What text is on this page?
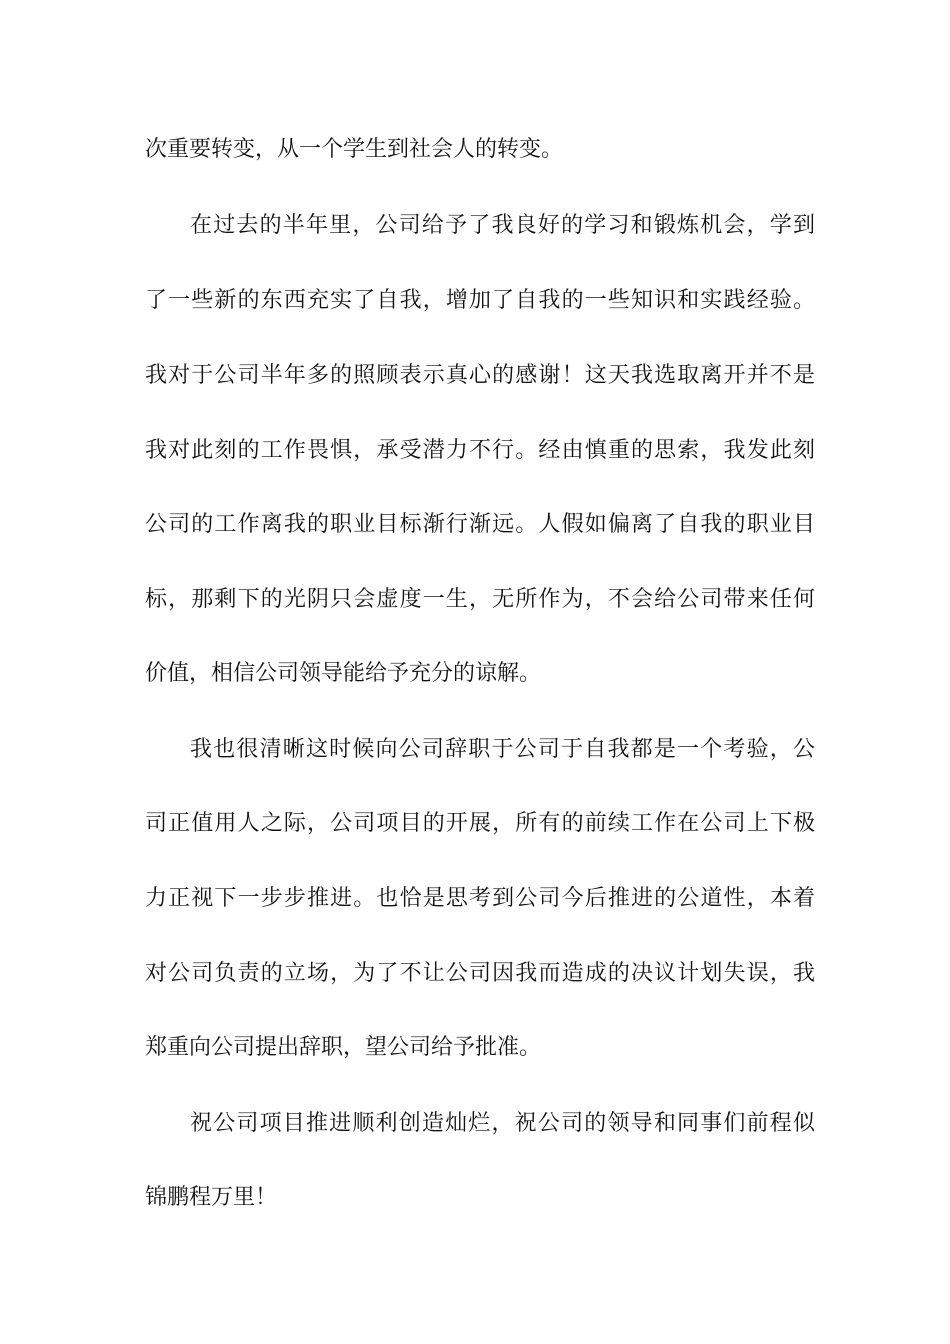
次重要转变，从一个学生到社会人的转变。
在过去的半年里，公司给予了我良好的学习和锻炼机会，学到
了一些新的东西充实了自我，增加了自我的一些知识和实践经验。
我对于公司半年多的照顾表示真心的感谢！这天我选取离开并不是
我对此刻的工作畏惧，承受潜力不行。经由慎重的思索，我发此刻
公司的工作离我的职业目标渐行渐远。人假如偏离了自我的职业目
标，那剩下的光阴只会虚度一生，无所作为，不会给公司带来任何
价值，相信公司领导能给予充分的谅解。
我也很清晰这时候向公司辞职于公司于自我都是一个考验，公
司正值用人之际，公司项目的开展，所有的前续工作在公司上下极
力正视下一步步推进。也恰是思考到公司今后推进的公道性，本着
对公司负责的立场，为了不让公司因我而造成的决议计划失误，我
郑重向公司提出辞职，望公司给予批准。
祝公司项目推进顺利创造灿烂，祝公司的领导和同事们前程似
锦鹏程万里！
